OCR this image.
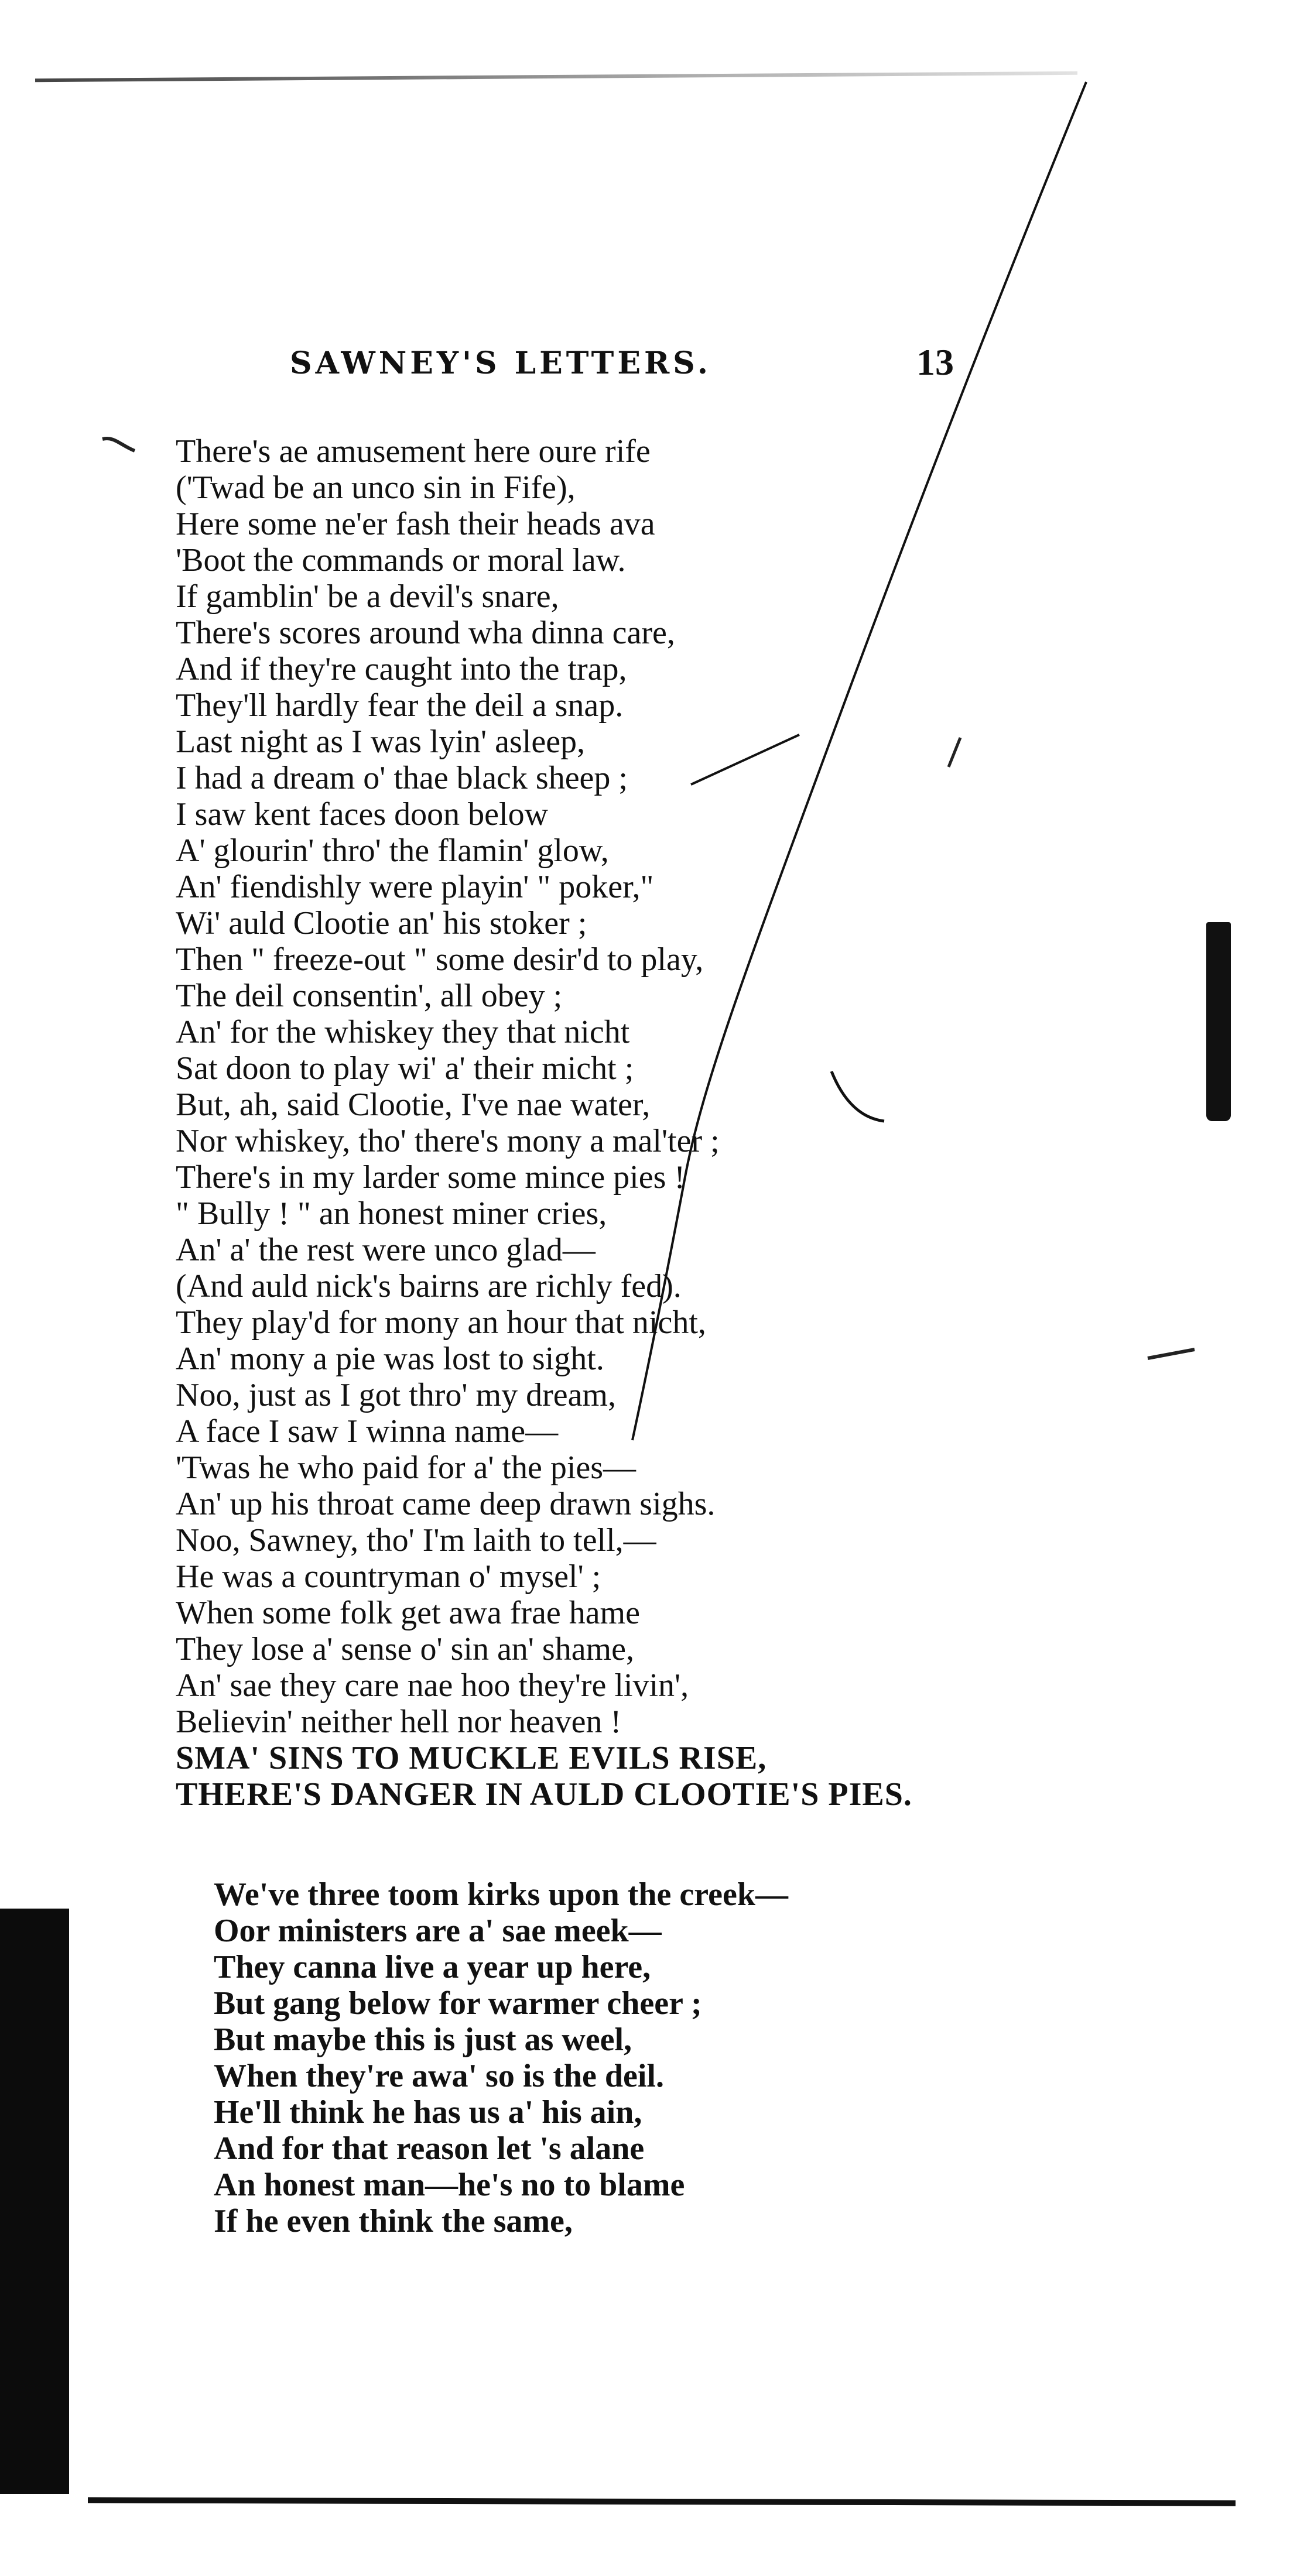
SAWNEY'S LETTERS.	13
There's ae amusement here oure rife
('Twad be an unco sin in Fife),
Here some ne'er fash their heads ava
'Boot the commands or moral law.
If gamblin' be a devil's snare,
There's scores around wha dinna care,
And if they're caught into the trap,
They'll hardly fear the deil a snap.
Last night as I was lyin' asleep,
I had a dream o' thae black sheep ;
I saw kent faces doon below
A' glourin' thro' the flamin' glow,
An' fiendishly were playin' " poker,"
Wi' auld Clootie an' his stoker ;
Then " freeze-out " some desir'd to play,
The deil consentin', all obey ;
An' for the whiskey they that nicht
Sat doon to play wi' a' their micht ;
But, ah, said Clootie, I've nae water,
Nor whiskey, tho' there's mony a mal'ter ;
There's in my larder some mince pies !
" Bully ! " an honest miner cries,
An' a' the rest were unco glad—
(And auld nick's bairns are richly fed).
They play'd for mony an hour that nicht,
An' mony a pie was lost to sight.
Noo, just as I got thro' my dream,
A face I saw I winna name—
'Twas he who paid for a' the pies—
An' up his throat came deep drawn sighs.
Noo, Sawney, tho' I'm laith to tell,—
He was a countryman o' mysel' ;
When some folk get awa frae hame
They lose a' sense o' sin an' shame,
An' sae they care nae hoo they're livin',
Believin' neither hell nor heaven !
SMA' SINS TO MUCKLE EVILS RISE,
THERE'S DANGER IN AULD CLOOTIE'S PIES.
We've three toom kirks upon the creek—
Oor ministers are a' sae meek—
They canna live a year up here,
But gang below for warmer cheer ;
But maybe this is just as weel,
When they're awa' so is the deil.
He'll think he has us a' his ain,
And for that reason let 's alane
An honest man—he's no to blame
If he even think the same,
